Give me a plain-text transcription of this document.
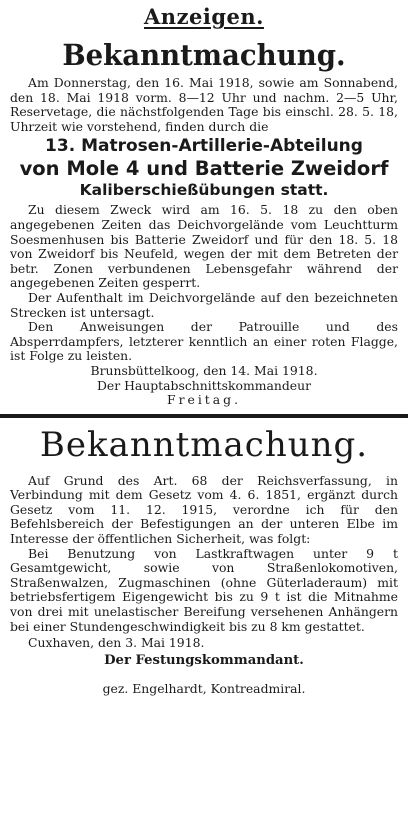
Anzeigen.
Bekanntmachung.

Am Donnerstag, den 16. Mai 1918, sowie am Sonnabend, den 18. Mai 1918 vorm. 8—12 Uhr und nachm. 2—5 Uhr, Reservetage, die nächstfolgenden Tage bis einschl. 28. 5. 18, Uhrzeit wie vorstehend, finden durch die

13. Matrosen-Artillerie-Abteilung

von Mole 4 und Batterie Zweidorf

Kaliberschießübungen statt.

Zu diesem Zweck wird am 16. 5. 18 zu den oben angegebenen Zeiten das Deichvorgelände vom Leuchtturm Soesmenhusen bis Batterie Zweidorf und für den 18. 5. 18 von Zweidorf bis Neufeld, wegen der mit dem Betreten der betr. Zonen verbundenen Lebensgefahr während der angegebenen Zeiten gesperrt.

Der Aufenthalt im Deichvorgelände auf den bezeichneten Strecken ist untersagt.

Den Anweisungen der Patrouille und des Absperrdampfers, letzterer kenntlich an einer roten Flagge, ist Folge zu leisten.

Brunsbüttelkoog, den 14. Mai 1918.

Der Hauptabschnittskommandeur

Freitag.

Bekanntmachung.

Auf Grund des Art. 68 der Reichsverfassung, in Verbindung mit dem Gesetz vom 4. 6. 1851, ergänzt durch Gesetz vom 11. 12. 1915, verordne ich für den Befehlsbereich der Befestigungen an der unteren Elbe im Interesse der öffentlichen Sicherheit, was folgt:

Bei Benutzung von Lastkraftwagen unter 9 t Gesamtgewicht, sowie von Straßenlokomotiven, Straßenwalzen, Zugmaschinen (ohne Güterladeraum) mit betriebsfertigem Eigengewicht bis zu 9 t ist die Mitnahme von drei mit unelastischer Bereifung versehenen Anhängern bei einer Stundengeschwindigkeit bis zu 8 km gestattet.

Cuxhaven, den 3. Mai 1918.

Der Festungskommandant.

gez. Engelhardt, Kontreadmiral.
